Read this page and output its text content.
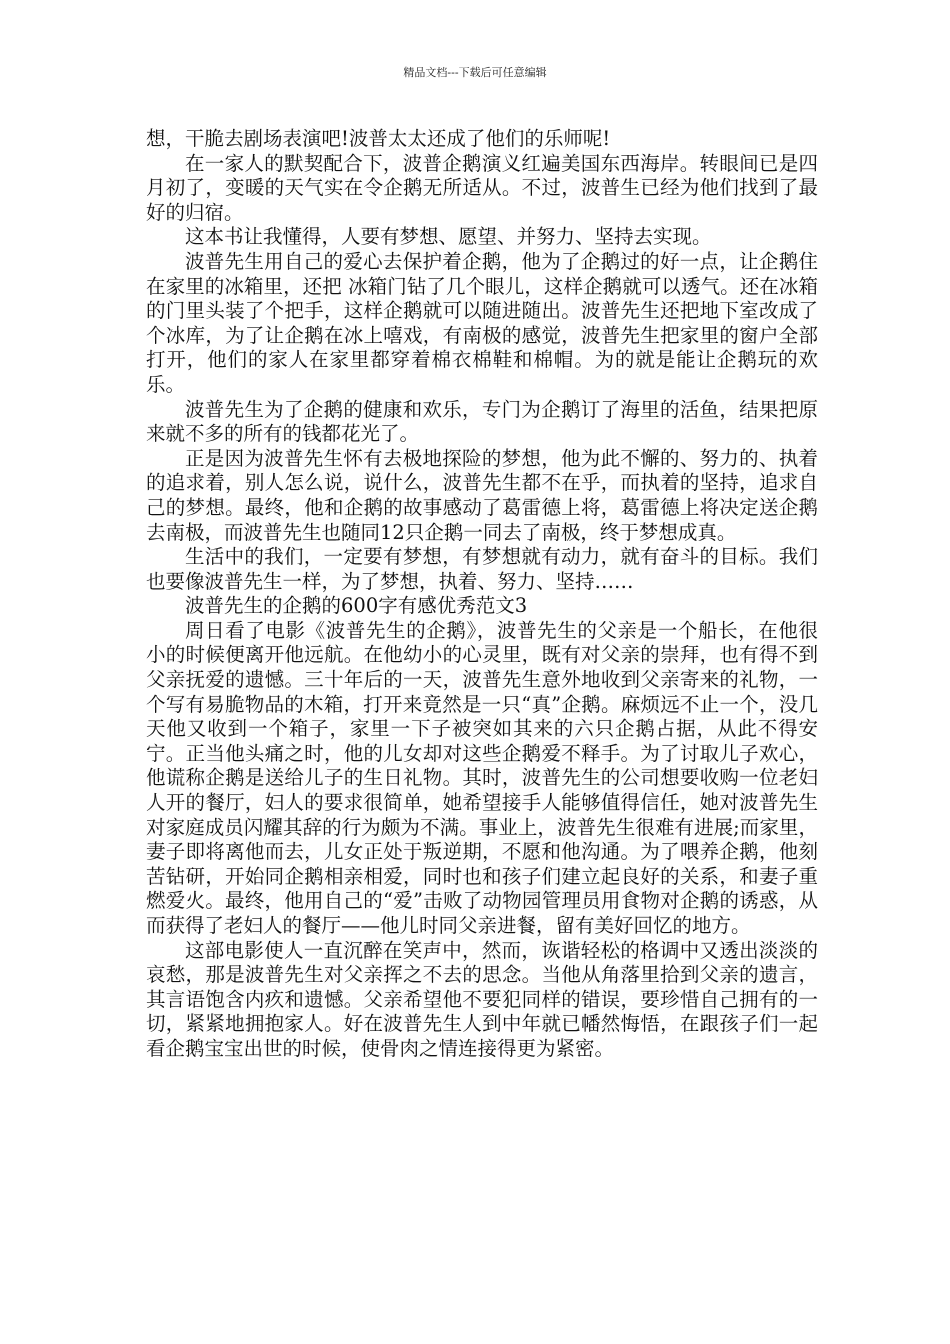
精品文档---下载后可任意编辑

想，干脆去剧场表演吧!波普太太还成了他们的乐师呢!

在一家人的默契配合下，波普企鹅演义红遍美国东西海岸。转眼间已是四月初了，变暖的天气实在令企鹅无所适从。不过，波普生已经为他们找到了最好的归宿。

这本书让我懂得，人要有梦想、愿望、并努力、坚持去实现。

波普先生用自己的爱心去保护着企鹅，他为了企鹅过的好一点，让企鹅住在家里的冰箱里，还把 冰箱门钻了几个眼儿，这样企鹅就可以透气。还在冰箱的门里头装了个把手，这样企鹅就可以随进随出。波普先生还把地下室改成了个冰库，为了让企鹅在冰上嘻戏，有南极的感觉，波普先生把家里的窗户全部打开，他们的家人在家里都穿着棉衣棉鞋和棉帽。为的就是能让企鹅玩的欢乐。

波普先生为了企鹅的健康和欢乐，专门为企鹅订了海里的活鱼，结果把原来就不多的所有的钱都花光了。

正是因为波普先生怀有去极地探险的梦想，他为此不懈的、努力的、执着的追求着，别人怎么说，说什么，波普先生都不在乎，而执着的坚持，追求自己的梦想。最终，他和企鹅的故事感动了葛雷德上将，葛雷德上将决定送企鹅去南极，而波普先生也随同12只企鹅一同去了南极，终于梦想成真。

生活中的我们，一定要有梦想，有梦想就有动力，就有奋斗的目标。我们也要像波普先生一样，为了梦想，执着、努力、坚持……

波普先生的企鹅的600字有感优秀范文3

周日看了电影《波普先生的企鹅》，波普先生的父亲是一个船长，在他很小的时候便离开他远航。在他幼小的心灵里，既有对父亲的崇拜，也有得不到父亲抚爱的遗憾。三十年后的一天，波普先生意外地收到父亲寄来的礼物，一个写有易脆物品的木箱，打开来竟然是一只“真”企鹅。麻烦远不止一个，没几天他又收到一个箱子，家里一下子被突如其来的六只企鹅占据，从此不得安宁。正当他头痛之时，他的儿女却对这些企鹅爱不释手。为了讨取儿子欢心，他谎称企鹅是送给儿子的生日礼物。其时，波普先生的公司想要收购一位老妇人开的餐厅，妇人的要求很简单，她希望接手人能够值得信任，她对波普先生对家庭成员闪耀其辞的行为颇为不满。事业上，波普先生很难有进展;而家里，妻子即将离他而去，儿女正处于叛逆期，不愿和他沟通。为了喂养企鹅，他刻苦钻研，开始同企鹅相亲相爱，同时也和孩子们建立起良好的关系，和妻子重燃爱火。最终，他用自己的“爱”击败了动物园管理员用食物对企鹅的诱惑，从而获得了老妇人的餐厅——他儿时同父亲进餐，留有美好回忆的地方。

这部电影使人一直沉醉在笑声中，然而，诙谐轻松的格调中又透出淡淡的哀愁，那是波普先生对父亲挥之不去的思念。当他从角落里拾到父亲的遗言，其言语饱含内疚和遗憾。父亲希望他不要犯同样的错误，要珍惜自己拥有的一切，紧紧地拥抱家人。好在波普先生人到中年就已幡然悔悟，在跟孩子们一起看企鹅宝宝出世的时候，使骨肉之情连接得更为紧密。
